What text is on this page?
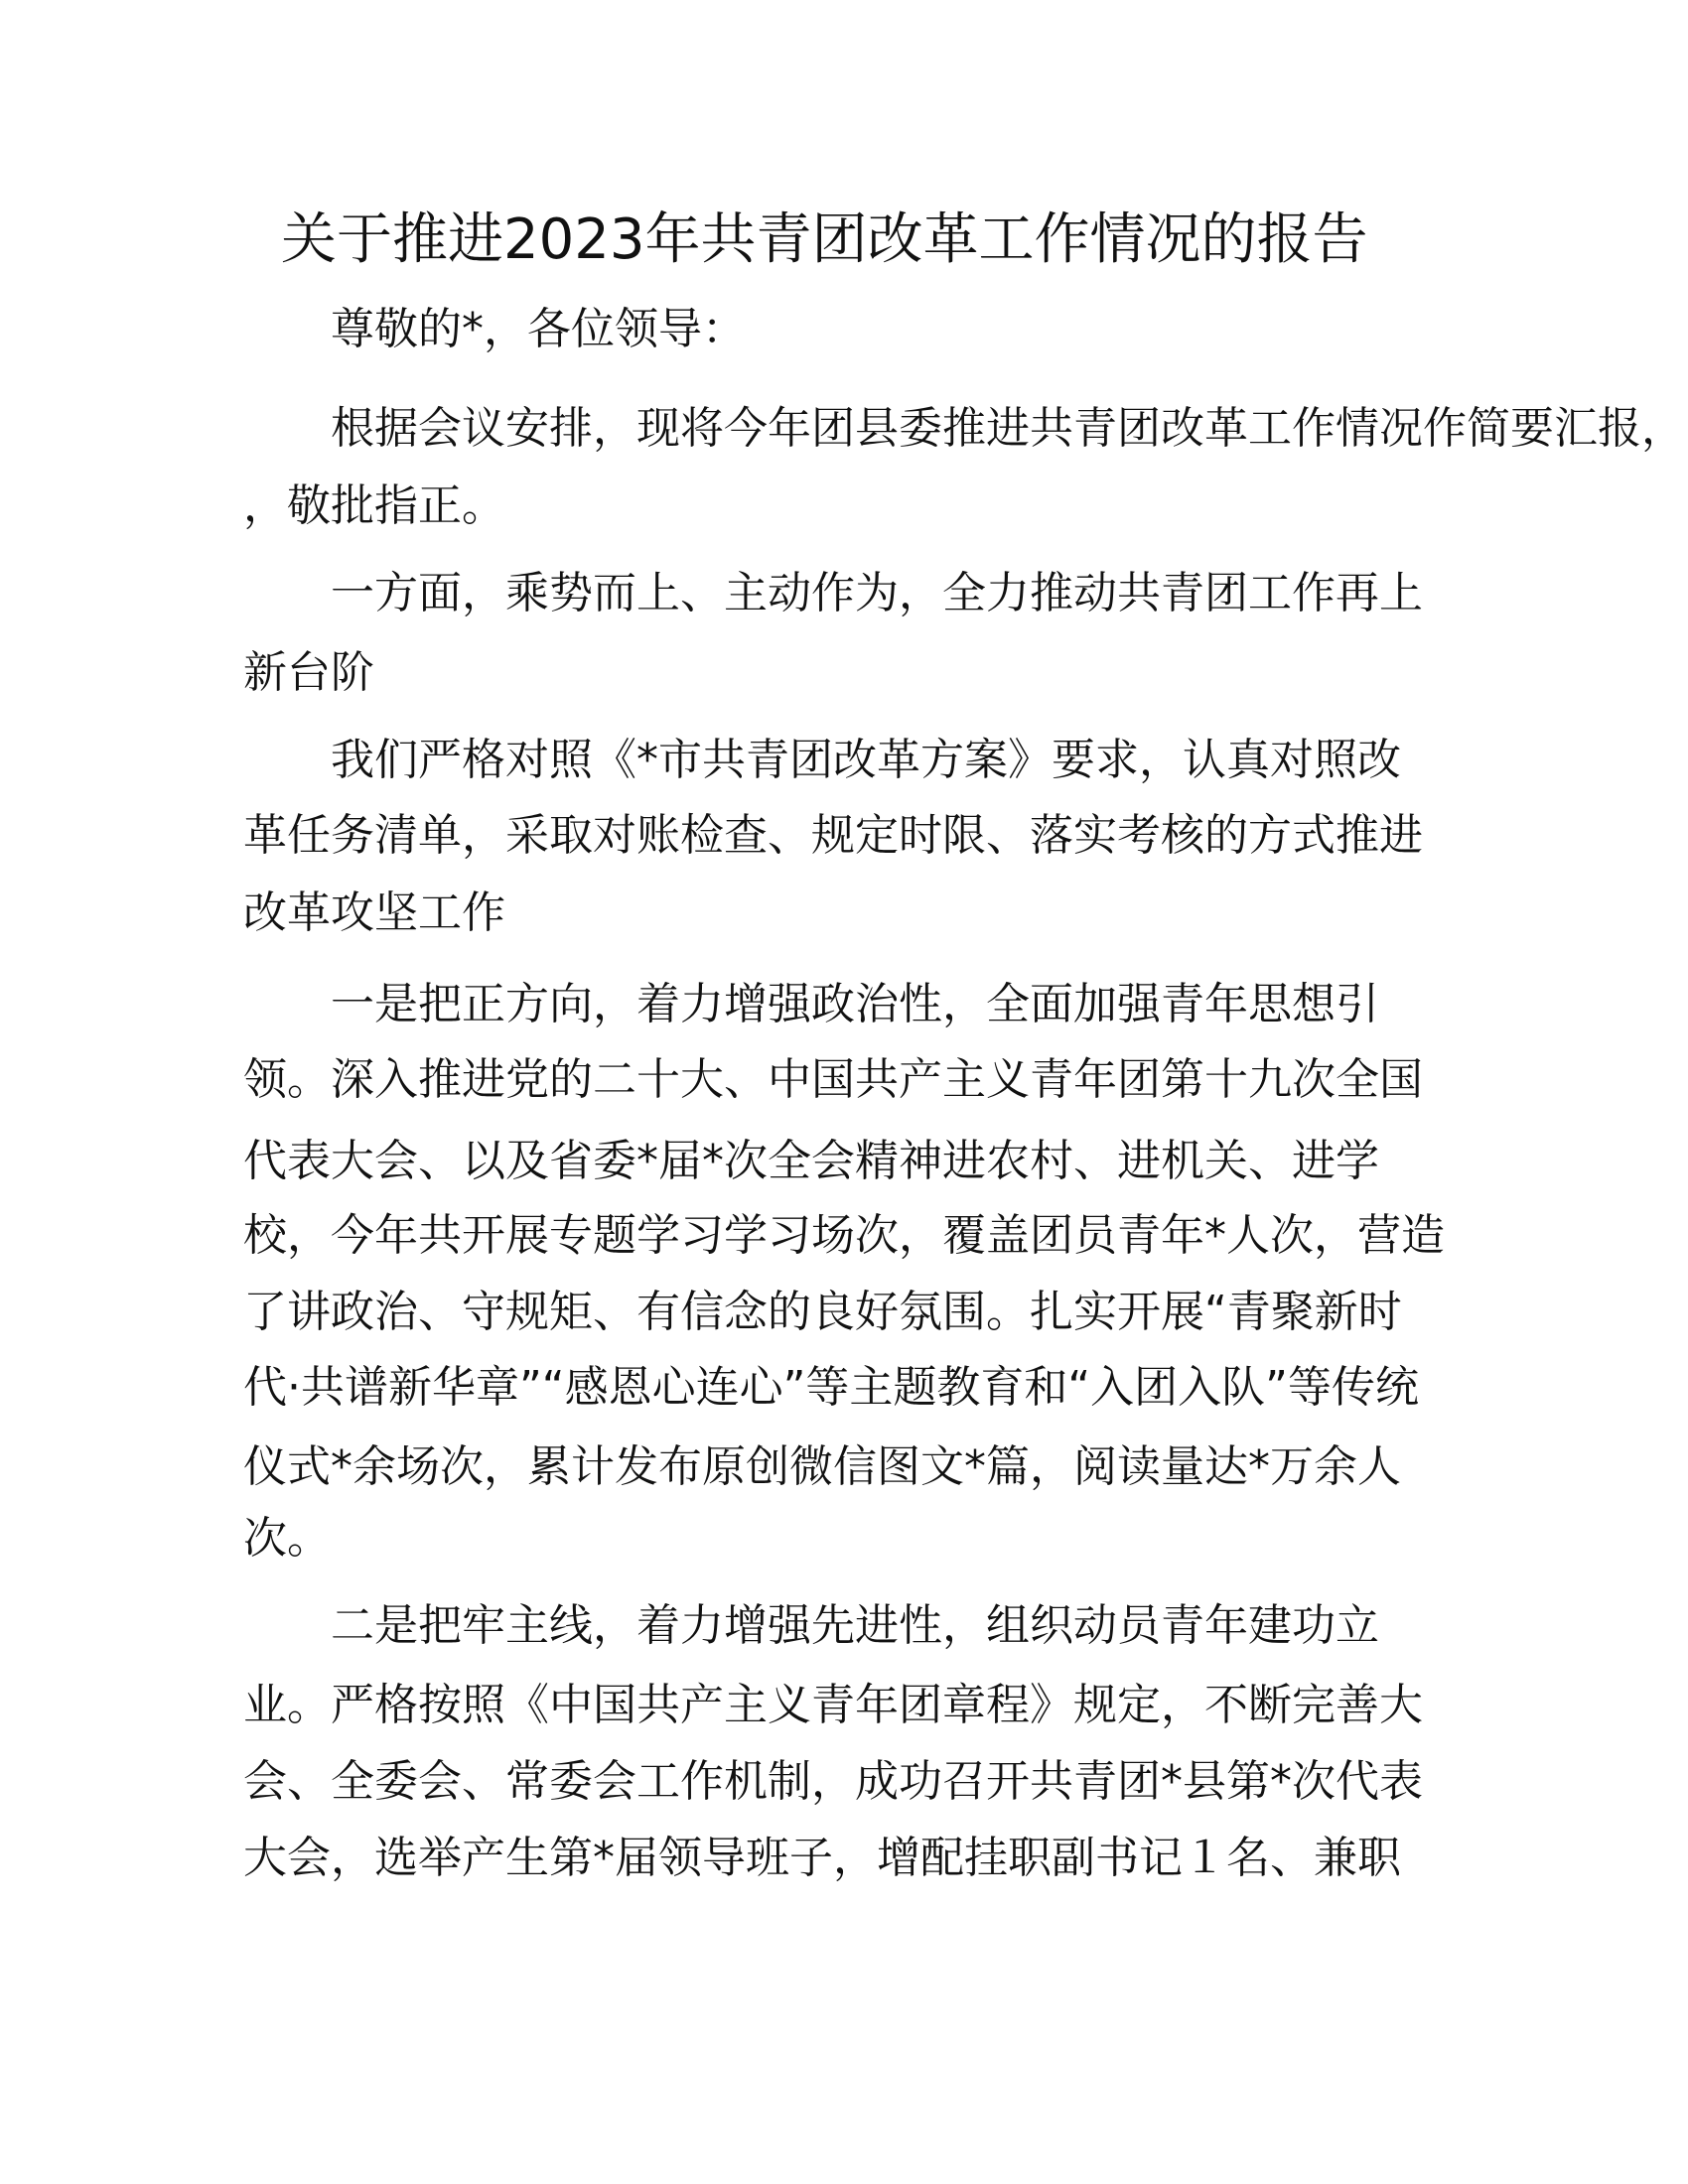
关于推进2023年共青团改革工作情况的报告

尊敬的*，各位领导：

根据会议安排，现将今年团县委推进共青团改革工作情况作简要汇报，

，敬批指正。

一方面，乘势而上、主动作为，全力推动共青团工作再上

新台阶

我们严格对照《*市共青团改革方案》要求，认真对照改

革任务清单，采取对账检查、规定时限、落实考核的方式推进

改革攻坚工作

一是把正方向，着力增强政治性，全面加强青年思想引

领。深入推进党的二十大、中国共产主义青年团第十九次全国

代表大会、以及省委*届*次全会精神进农村、进机关、进学

校，今年共开展专题学习学习场次，覆盖团员青年*人次，营造

了讲政治、守规矩、有信念的良好氛围。扎实开展“青聚新时

代·共谱新华章”“感恩心连心”等主题教育和“入团入队”等传统

仪式*余场次，累计发布原创微信图文*篇，阅读量达*万余人

次。

二是把牢主线，着力增强先进性，组织动员青年建功立

业。严格按照《中国共产主义青年团章程》规定，不断完善大

会、全委会、常委会工作机制，成功召开共青团*县第*次代表

大会，选举产生第*届领导班子，增配挂职副书记１名、兼职
